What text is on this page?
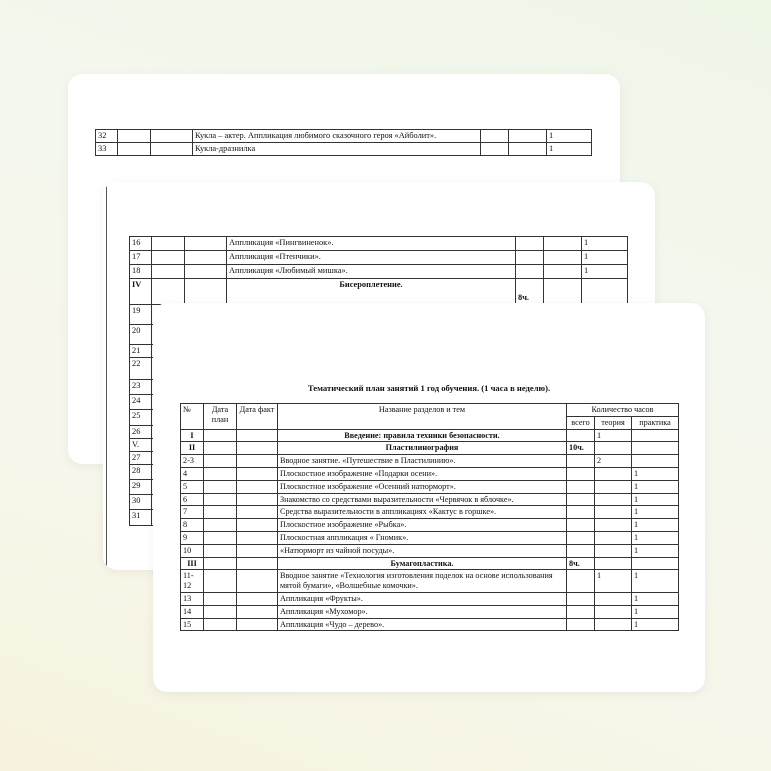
32			Кукла – актер. Аппликация любимого сказочного героя «Айболит».			1
33			Кукла-дразнилка			1
16			Аппликация «Пингвиненок».			1
17			Аппликация «Птенчики».			1
18			Аппликация «Любимый мишка».			1
IV			Бисероплетение.	8ч.		
19						
20						
21						
22						
23						
24						
25						
26						
V.						
27						
28						
29						
30						
31						
Тематический план занятий 1 год обучения. (1 часа в неделю).
№	Дата план	Дата факт	Название разделов и тем	Количество часов		
				всего	теория	практика
I			Введение: правила техники безопасности.		1	
II			Пластилинография	10ч.		
2-3			Вводное занятие. «Путешествие в Пластилинию».		2	
4			Плоскостное изображение «Подарки осени».			1
5			Плоскостное изображение «Осенний натюрморт».			1
6			Знакомство со средствами выразительности «Червячок в яблочке».			1
7			Средства выразительности в аппликациях «Кактус в горшке».			1
8			Плоскостное изображение «Рыбка».			1
9			Плоскостная аппликация « Гномик».			1
10			«Натюрморт из чайной посуды».			1
III			Бумагопластика.	8ч.		
11-12			Вводное занятие «Технология изготовления поделок на основе использования мятой бумаги», «Волшебные комочки».		1	1
13			Аппликация «Фрукты».			1
14			Аппликация «Мухомор».			1
15			Аппликация «Чудо – дерево».			1
